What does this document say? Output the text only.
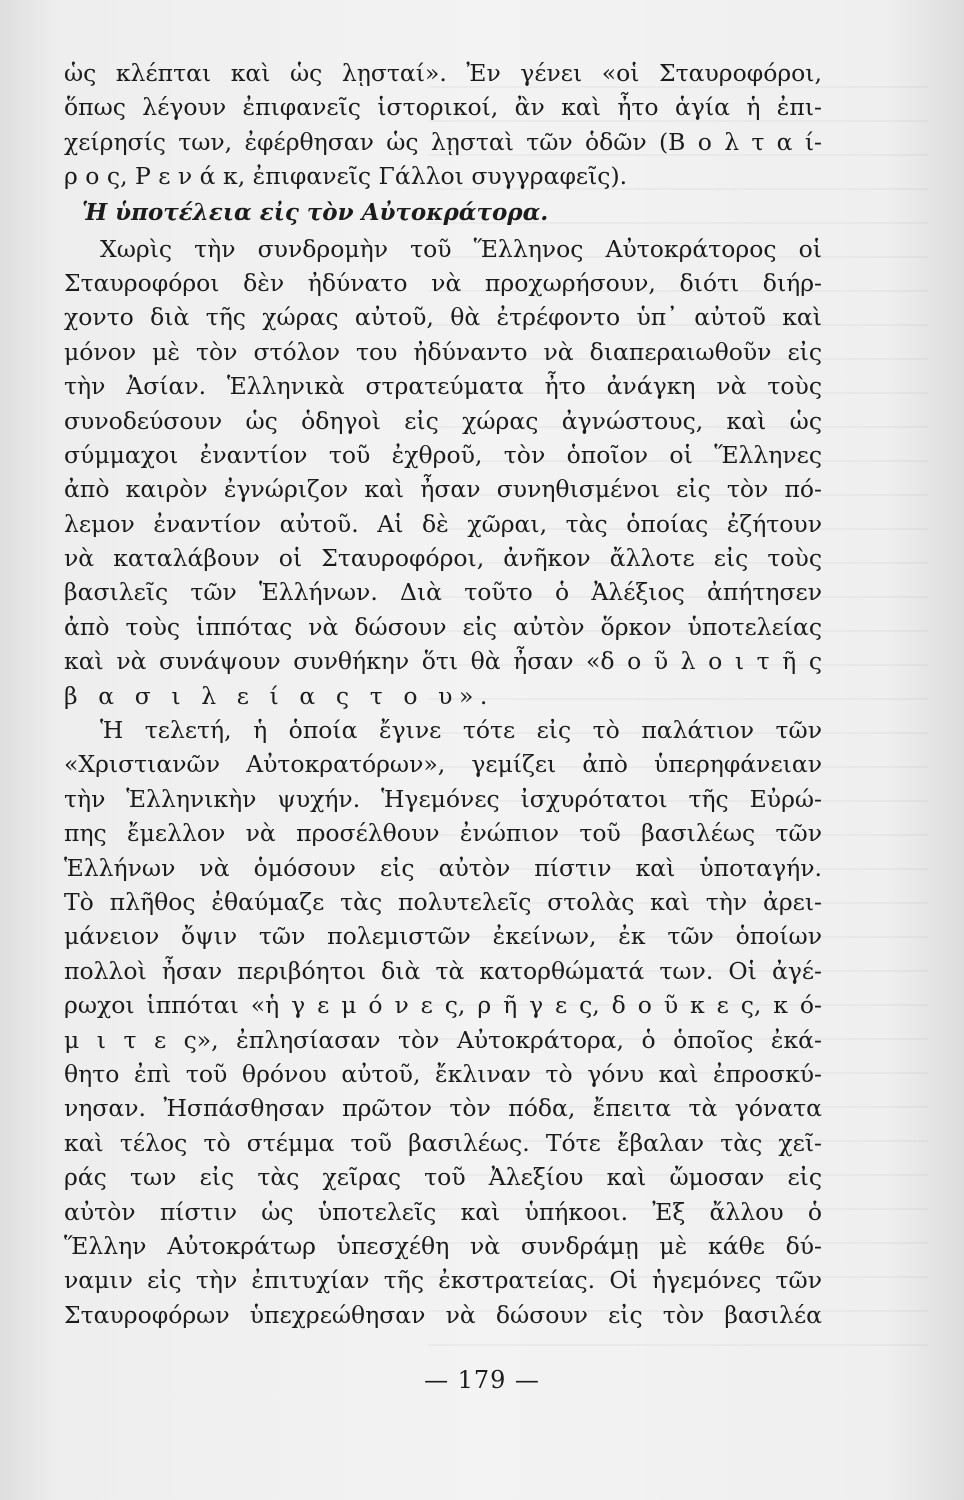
ὡς κλέπται καὶ ὡς λῃσταί». Ἐν γένει «οἱ Σταυροφόροι,
ὅπως λέγουν ἐπιφανεῖς ἱστορικοί, ἂν καὶ ἦτο ἁγία ἡ ἐπι-
χείρησίς των, ἐφέρθησαν ὡς λῃσταὶ τῶν ὁδῶν (Β ο λ τ α ί-
ρ ο ς, Ρ ε ν ά κ, ἐπιφανεῖς Γάλλοι συγγραφεῖς).
Ἡ ὑποτέλεια εἰς τὸν Αὐτοκράτορα.
Χωρὶς τὴν συνδρομὴν τοῦ Ἕλληνος Αὐτοκράτορος οἱ
Σταυροφόροι δὲν ἠδύνατο νὰ προχωρήσουν, διότι διήρ-
χοντο διὰ τῆς χώρας αὐτοῦ, θὰ ἐτρέφοντο ὑπ᾽ αὐτοῦ καὶ
μόνον μὲ τὸν στόλον του ἠδύναντο νὰ διαπεραιωθοῦν εἰς
τὴν Ἀσίαν. Ἑλληνικὰ στρατεύματα ἦτο ἀνάγκη νὰ τοὺς
συνοδεύσουν ὡς ὁδηγοὶ εἰς χώρας ἀγνώστους, καὶ ὡς
σύμμαχοι ἐναντίον τοῦ ἐχθροῦ, τὸν ὁποῖον οἱ Ἕλληνες
ἀπὸ καιρὸν ἐγνώριζον καὶ ἦσαν συνηθισμένοι εἰς τὸν πό-
λεμον ἐναντίον αὐτοῦ. Αἱ δὲ χῶραι, τὰς ὁποίας ἐζήτουν
νὰ καταλάβουν οἱ Σταυροφόροι, ἀνῆκον ἄλλοτε εἰς τοὺς
βασιλεῖς τῶν Ἑλλήνων. Διὰ τοῦτο ὁ Ἀλέξιος ἀπήτησεν
ἀπὸ τοὺς ἱππότας νὰ δώσουν εἰς αὐτὸν ὅρκον ὑποτελείας
καὶ νὰ συνάψουν συνθήκην ὅτι θὰ ἦσαν «δ ο ῦ λ ο ι τ ῆ ς
β α σ ι λ ε ί α ς τ ο υ».
Ἡ τελετή, ἡ ὁποία ἔγινε τότε εἰς τὸ παλάτιον τῶν
«Χριστιανῶν Αὐτοκρατόρων», γεμίζει ἀπὸ ὑπερηφάνειαν
τὴν Ἑλληνικὴν ψυχήν. Ἡγεμόνες ἰσχυρότατοι τῆς Εὐρώ-
πης ἔμελλον νὰ προσέλθουν ἐνώπιον τοῦ βασιλέως τῶν
Ἑλλήνων νὰ ὁμόσουν εἰς αὐτὸν πίστιν καὶ ὑποταγήν.
Τὸ πλῆθος ἐθαύμαζε τὰς πολυτελεῖς στολὰς καὶ τὴν ἀρει-
μάνειον ὄψιν τῶν πολεμιστῶν ἐκείνων, ἐκ τῶν ὁποίων
πολλοὶ ἦσαν περιβόητοι διὰ τὰ κατορθώματά των. Οἱ ἀγέ-
ρωχοι ἱππόται «ἡ γ ε μ ό ν ε ς, ρ ῆ γ ε ς, δ ο ῦ κ ε ς, κ ό-
μ ι τ ε ς», ἐπλησίασαν τὸν Αὐτοκράτορα, ὁ ὁποῖος ἐκά-
θητο ἐπὶ τοῦ θρόνου αὐτοῦ, ἔκλιναν τὸ γόνυ καὶ ἐπροσκύ-
νησαν. Ἠσπάσθησαν πρῶτον τὸν πόδα, ἔπειτα τὰ γόνατα
καὶ τέλος τὸ στέμμα τοῦ βασιλέως. Τότε ἔβαλαν τὰς χεῖ-
ράς των εἰς τὰς χεῖρας τοῦ Ἀλεξίου καὶ ὤμοσαν εἰς
αὐτὸν πίστιν ὡς ὑποτελεῖς καὶ ὑπήκοοι. Ἐξ ἄλλου ὁ
Ἕλλην Αὐτοκράτωρ ὑπεσχέθη νὰ συνδράμῃ μὲ κάθε δύ-
ναμιν εἰς τὴν ἐπιτυχίαν τῆς ἐκστρατείας. Οἱ ἡγεμόνες τῶν
Σταυροφόρων ὑπεχρεώθησαν νὰ δώσουν εἰς τὸν βασιλέα
— 179 —
